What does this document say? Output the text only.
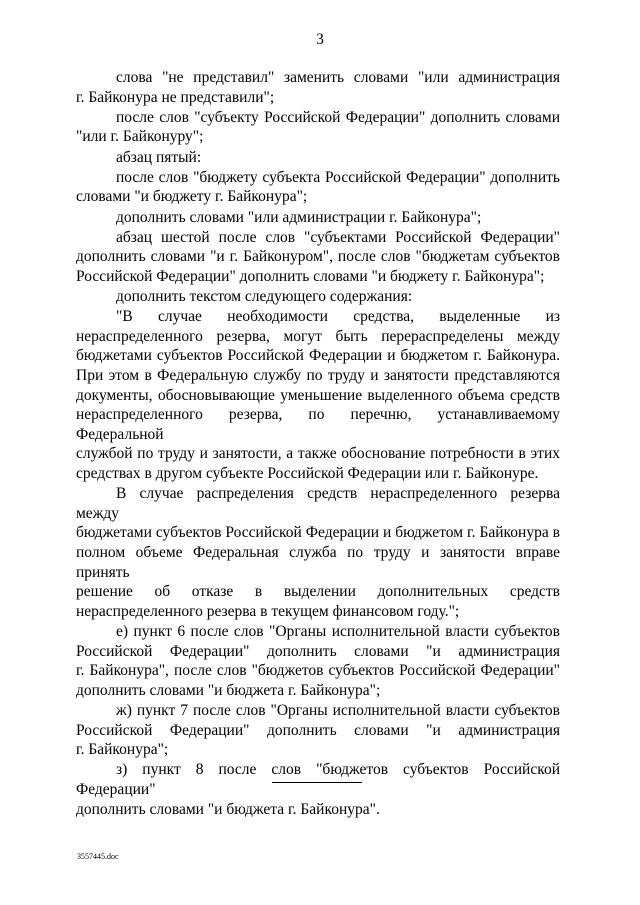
3
слова "не представил" заменить словами "или администрация
г. Байконура не представили";
после слов "субъекту Российской Федерации" дополнить словами
"или г. Байконуру";
абзац пятый:
после слов "бюджету субъекта Российской Федерации" дополнить
словами "и бюджету г. Байконура";
дополнить словами "или администрации г. Байконура";
абзац шестой после слов "субъектами Российской Федерации"
дополнить словами "и г. Байконуром", после слов "бюджетам субъектов
Российской Федерации" дополнить словами "и бюджету г. Байконура";
дополнить текстом следующего содержания:
"В случае необходимости средства, выделенные из
нераспределенного резерва, могут быть перераспределены между
бюджетами субъектов Российской Федерации и бюджетом г. Байконура.
При этом в Федеральную службу по труду и занятости представляются
документы, обосновывающие уменьшение выделенного объема средств
нераспределенного резерва, по перечню, устанавливаемому Федеральной
службой по труду и занятости, а также обоснование потребности в этих
средствах в другом субъекте Российской Федерации или г. Байконуре.
В случае распределения средств нераспределенного резерва между
бюджетами субъектов Российской Федерации и бюджетом г. Байконура в
полном объеме Федеральная служба по труду и занятости вправе принять
решение об отказе в выделении дополнительных средств
нераспределенного резерва в текущем финансовом году.";
е) пункт 6 после слов "Органы исполнительной власти субъектов
Российской Федерации" дополнить словами "и администрация
г. Байконура", после слов "бюджетов субъектов Российской Федерации"
дополнить словами "и бюджета г. Байконура";
ж) пункт 7 после слов "Органы исполнительной власти субъектов
Российской Федерации" дополнить словами "и администрация
г. Байконура";
з) пункт 8 после слов "бюджетов субъектов Российской Федерации"
дополнить словами "и бюджета г. Байконура".
3557445.doc
